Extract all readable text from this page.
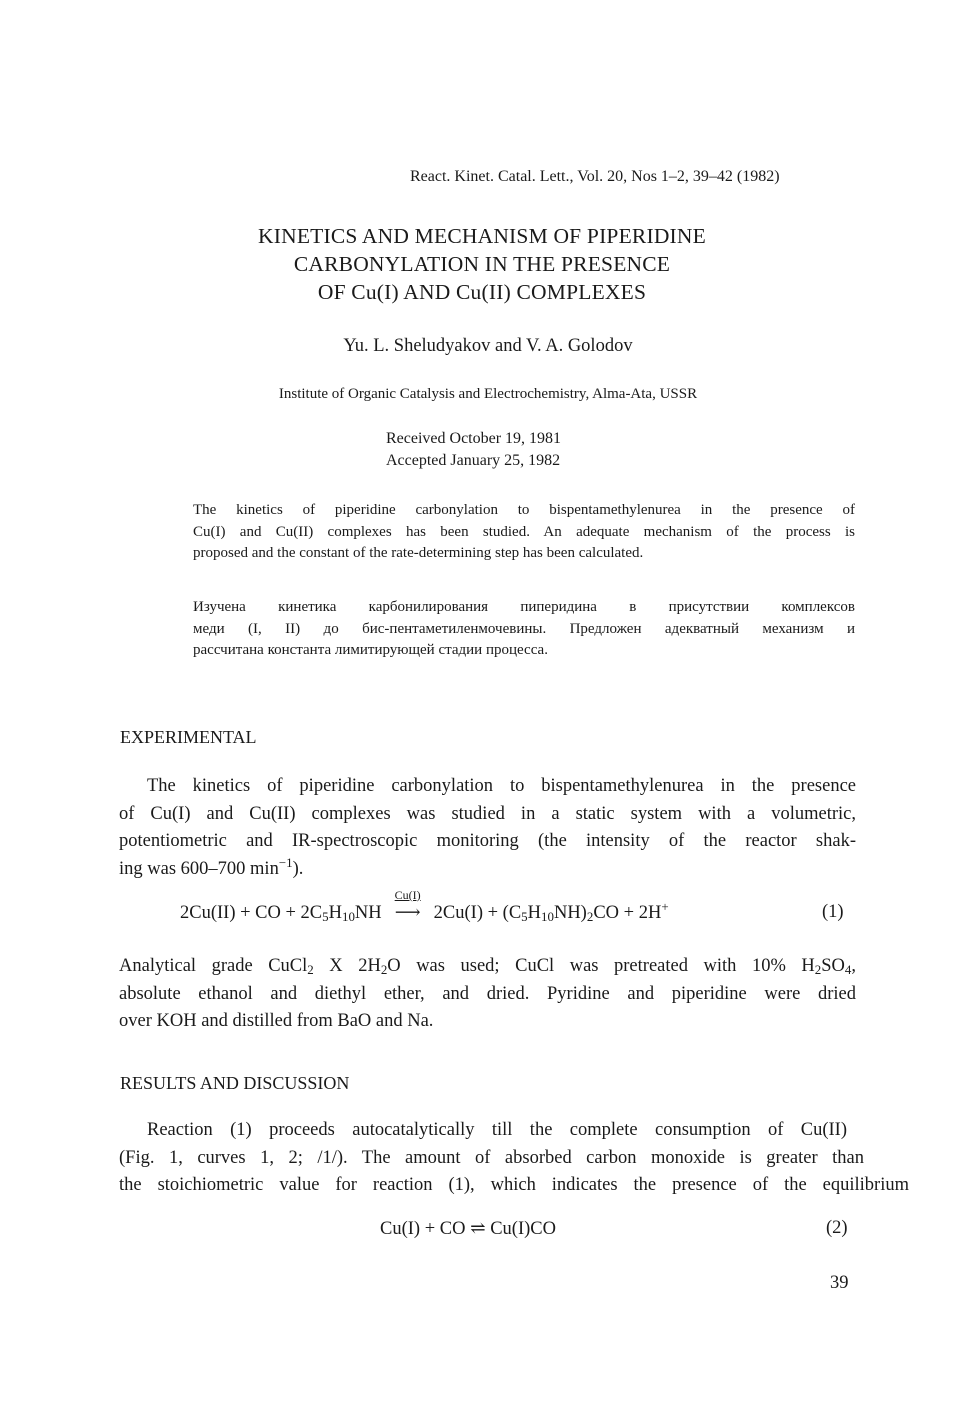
React. Kinet. Catal. Lett., Vol. 20, Nos 1–2, 39–42 (1982)
KINETICS AND MECHANISM OF PIPERIDINE
CARBONYLATION IN THE PRESENCE
OF Cu(I) AND Cu(II) COMPLEXES
Yu. L. Sheludyakov and V. A. Golodov
Institute of Organic Catalysis and Electrochemistry, Alma-Ata, USSR
Received October 19, 1981
Accepted January 25, 1982
The kinetics of piperidine carbonylation to bispentamethylenurea in the presence of
Cu(I) and Cu(II) complexes has been studied. An adequate mechanism of the process is
proposed and the constant of the rate-determining step has been calculated.
Изучена кинетика карбонилирования пиперидина в присутствии комплексов
меди (I, II) до бис-пентаметиленмочевины. Предложен адекватный механизм и
рассчитана константа лимитирующей стадии процесса.
EXPERIMENTAL
The kinetics of piperidine carbonylation to bispentamethylenurea in the presence
of Cu(I) and Cu(II) complexes was studied in a static system with a volumetric,
potentiometric and IR-spectroscopic monitoring (the intensity of the reactor shak-
ing was 600–700 $\min^{-1}$).
2Cu(II) + CO + $2C_5H_{10}NH$
Cu(I)
⟶ $2Cu(I) + (C_5H_{10}NH)_2CO + 2H^+$	(1)
Analytical grade CuCl$_2$ X $2H_2O$ was used; CuCl was pretreated with 10% $H_2SO_4$,
absolute ethanol and diethyl ether, and dried. Pyridine and piperidine were dried
over KOH and distilled from BaO and Na.
RESULTS AND DISCUSSION
Reaction (1) proceeds autocatalytically till the complete consumption of Cu(II)
(Fig. 1, curves 1, 2; /1/). The amount of absorbed carbon monoxide is greater than
the stoichiometric value for reaction (1), which indicates the presence of the equilibrium
Cu(I) + CO ⇌ Cu(I)CO	(2)
39
